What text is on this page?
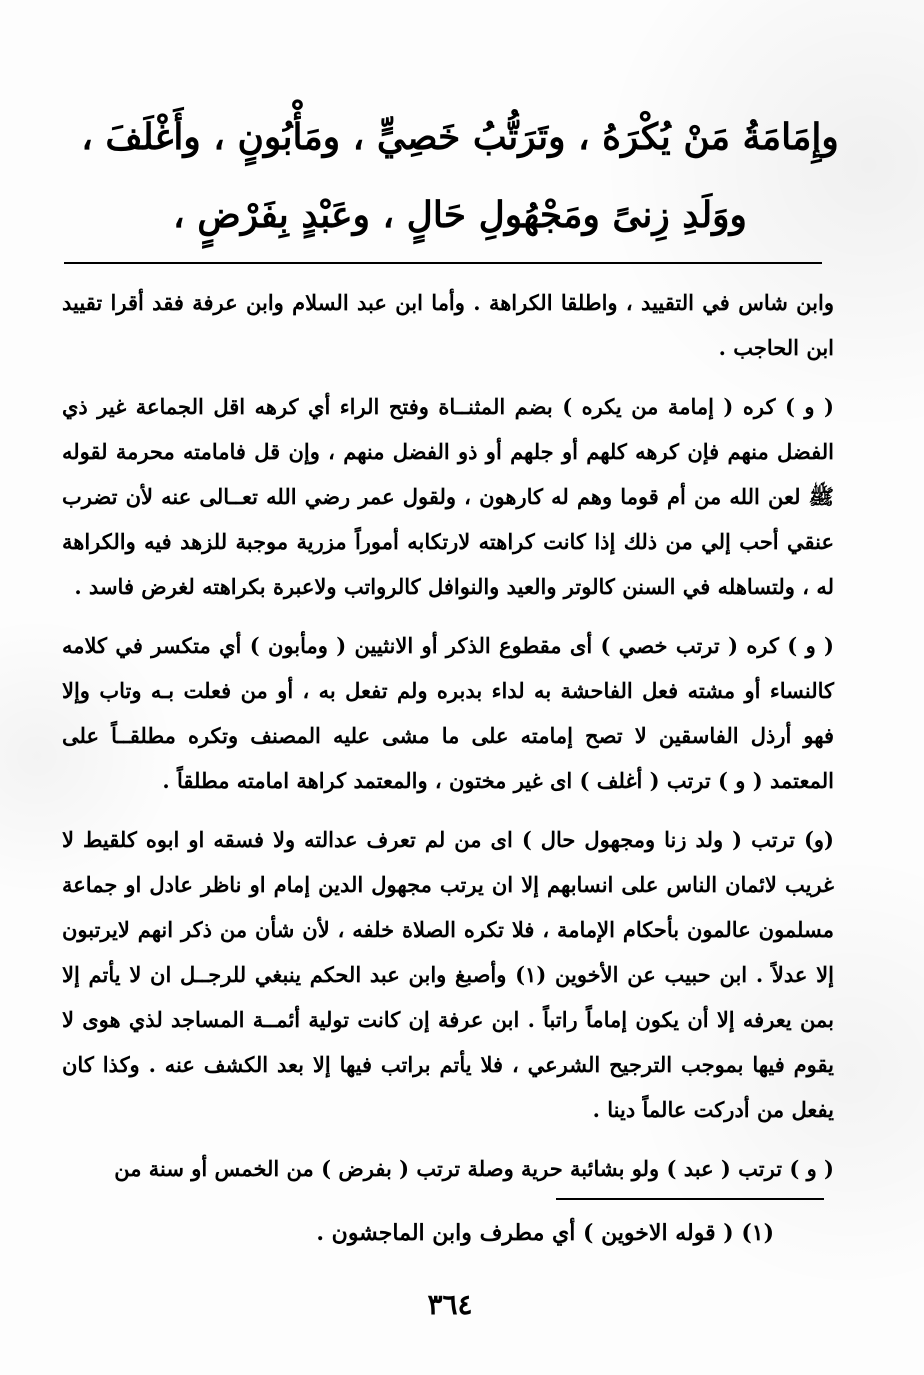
وإِمَامَةُ مَنْ يُكْرَهُ ، وتَرَتُّبُ خَصِيٍّ ، ومَأْبُونٍ ، وأَغْلَفَ ،
ووَلَدِ زِنىً ومَجْهُولِ حَالٍ ، وعَبْدٍ بِفَرْضٍ ،

وابن شاس في التقييد ، واطلقا الكراهة . وأما ابن عبد السلام وابن عرفة فقد أقرا تقييد ابن الحاجب .

( و ) كره ( إمامة من يكره ) بضم المثنــاة وفتح الراء أي كرهه اقل الجماعة غير ذي الفضل منهم فإن كرهه كلهم أو جلهم أو ذو الفضل منهم ، وإن قل فامامته محرمة لقوله ﷺ لعن الله من أم قوما وهم له كارهون ، ولقول عمر رضي الله تعــالى عنه لأن تضرب عنقي أحب إلي من ذلك إذا كانت كراهته لارتكابه أموراً مزرية موجبة للزهد فيه والكراهة له ، ولتساهله في السنن كالوتر والعيد والنوافل كالرواتب ولاعبرة بكراهته لغرض فاسد .

( و ) كره ( ترتب خصي ) أى مقطوع الذكر أو الانثيين ( ومأبون ) أي متكسر في كلامه كالنساء أو مشته فعل الفاحشة به لداء بدبره ولم تفعل به ، أو من فعلت بـه وتاب وإلا فهو أرذل الفاسقين لا تصح إمامته على ما مشى عليه المصنف وتكره مطلقــاً على المعتمد ( و ) ترتب ( أغلف ) اى غير مختون ، والمعتمد كراهة امامته مطلقاً .

(و) ترتب ( ولد زنا ومجهول حال ) اى من لم تعرف عدالته ولا فسقه او ابوه كلقيط لا غريب لائمان الناس على انسابهم إلا ان يرتب مجهول الدين إمام او ناظر عادل او جماعة مسلمون عالمون بأحكام الإمامة ، فلا تكره الصلاة خلفه ، لأن شأن من ذكر انهم لايرتبون إلا عدلاً . ابن حبيب عن الأخوين (١) وأصبغ وابن عبد الحكم ينبغي للرجــل ان لا يأتم إلا بمن يعرفه إلا أن يكون إماماً راتباً . ابن عرفة إن كانت تولية أئمــة المساجد لذي هوى لا يقوم فيها بموجب الترجيح الشرعي ، فلا يأتم براتب فيها إلا بعد الكشف عنه . وكذا كان يفعل من أدركت عالماً دينا .

( و ) ترتب ( عبد ) ولو بشائبة حرية وصلة ترتب ( بفرض ) من الخمس أو سنة من

(١) ( قوله الاخوين ) أي مطرف وابن الماجشون .
٣٦٤
